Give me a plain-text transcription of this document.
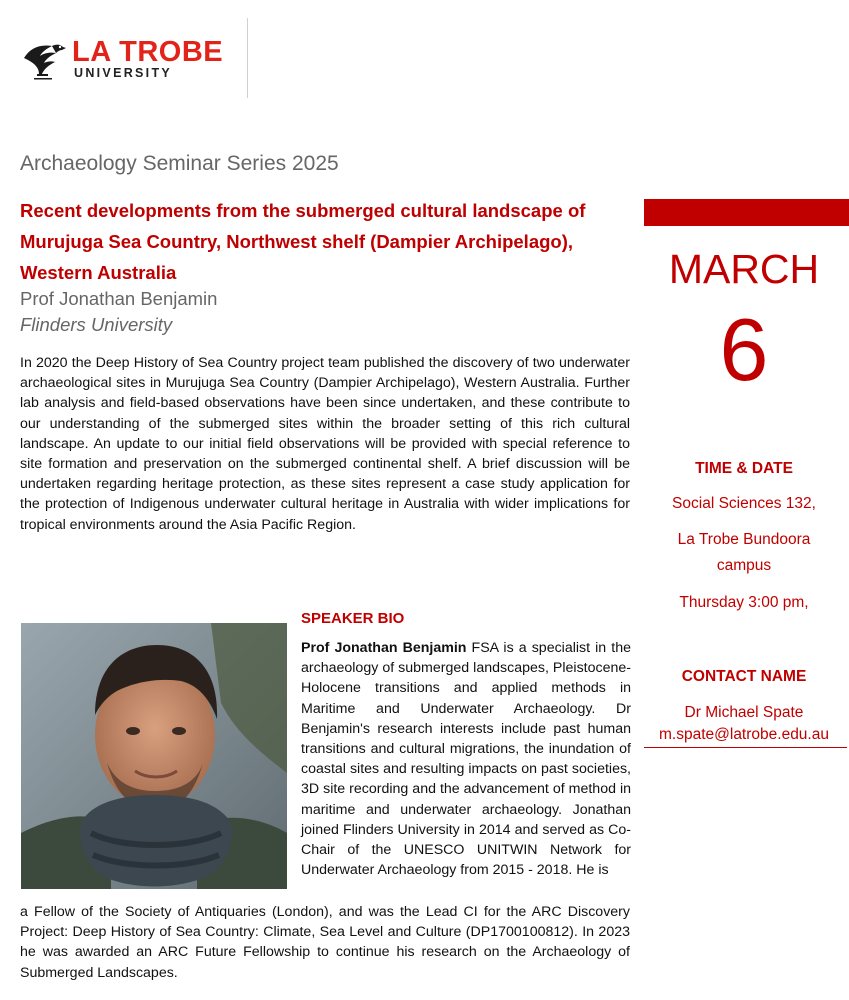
LA TROBE
UNIVERSITY
Archaeology Seminar Series 2025
Recent developments from the submerged cultural landscape of Murujuga Sea Country, Northwest shelf (Dampier Archipelago), Western Australia
Prof Jonathan Benjamin
Flinders University

In 2020 the Deep History of Sea Country project team published the discovery of two underwater archaeological sites in Murujuga Sea Country (Dampier Archipelago), Western Australia. Further lab analysis and field-based observations have been since undertaken, and these contribute to our understanding of the submerged sites within the broader setting of this rich cultural landscape. An update to our initial field observations will be provided with special reference to site formation and preservation on the submerged continental shelf. A brief discussion will be undertaken regarding heritage protection, as these sites represent a case study application for the protection of Indigenous underwater cultural heritage in Australia with wider implications for tropical environments around the Asia Pacific Region.

MARCH
6
TIME & DATE
Social Sciences 132,
La Trobe Bundoora
campus
Thursday 3:00 pm,
CONTACT NAME
Dr Michael Spate
m.spate@latrobe.edu.au
SPEAKER BIO

Prof Jonathan Benjamin FSA is a specialist in the archaeology of submerged landscapes, Pleistocene-Holocene transitions and applied methods in Maritime and Underwater Archaeology. Dr Benjamin's research interests include past human transitions and cultural migrations, the inundation of coastal sites and resulting impacts on past societies, 3D site recording and the advancement of method in maritime and underwater archaeology. Jonathan joined Flinders University in 2014 and served as Co-Chair of the UNESCO UNITWIN Network for Underwater Archaeology from 2015 - 2018. He is

a Fellow of the Society of Antiquaries (London), and was the Lead CI for the ARC Discovery Project: Deep History of Sea Country: Climate, Sea Level and Culture (DP1700100812). In 2023 he was awarded an ARC Future Fellowship to continue his research on the Archaeology of Submerged Landscapes.
